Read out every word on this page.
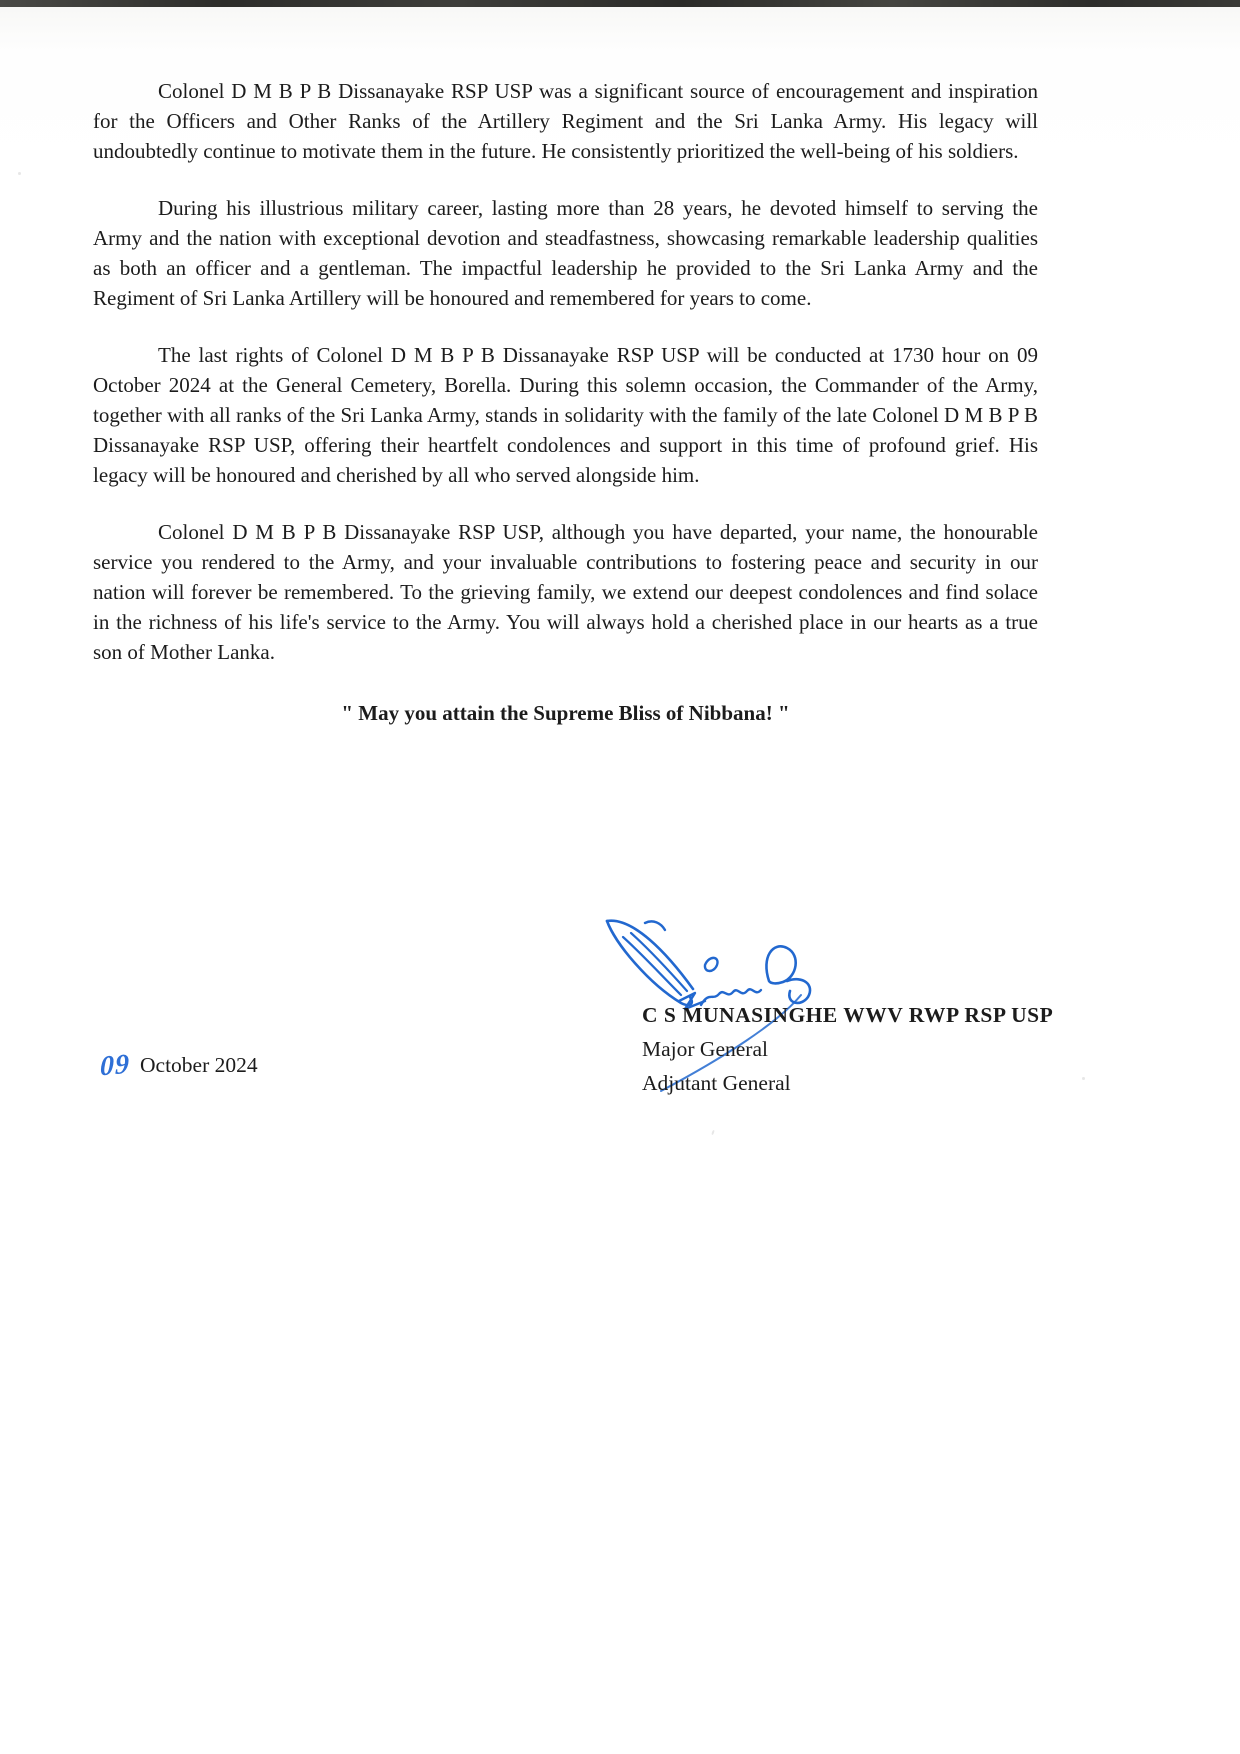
Colonel D M B P B Dissanayake RSP USP was a significant source of encouragement and inspiration for the Officers and Other Ranks of the Artillery Regiment and the Sri Lanka Army. His legacy will undoubtedly continue to motivate them in the future. He consistently prioritized the well-being of his soldiers.

During his illustrious military career, lasting more than 28 years, he devoted himself to serving the Army and the nation with exceptional devotion and steadfastness, showcasing remarkable leadership qualities as both an officer and a gentleman. The impactful leadership he provided to the Sri Lanka Army and the Regiment of Sri Lanka Artillery will be honoured and remembered for years to come.

The last rights of Colonel D M B P B Dissanayake RSP USP will be conducted at 1730 hour on 09 October 2024 at the General Cemetery, Borella. During this solemn occasion, the Commander of the Army, together with all ranks of the Sri Lanka Army, stands in solidarity with the family of the late Colonel D M B P B Dissanayake RSP USP, offering their heartfelt condolences and support in this time of profound grief. His legacy will be honoured and cherished by all who served alongside him.

Colonel D M B P B Dissanayake RSP USP, although you have departed, your name, the honourable service you rendered to the Army, and your invaluable contributions to fostering peace and security in our nation will forever be remembered. To the grieving family, we extend our deepest condolences and find solace in the richness of his life's service to the Army. You will always hold a cherished place in our hearts as a true son of Mother Lanka.

" May you attain the Supreme Bliss of Nibbana! "

C S MUNASINGHE WWV RWP RSP USP
Major General
Adjutant General
09 October 2024
